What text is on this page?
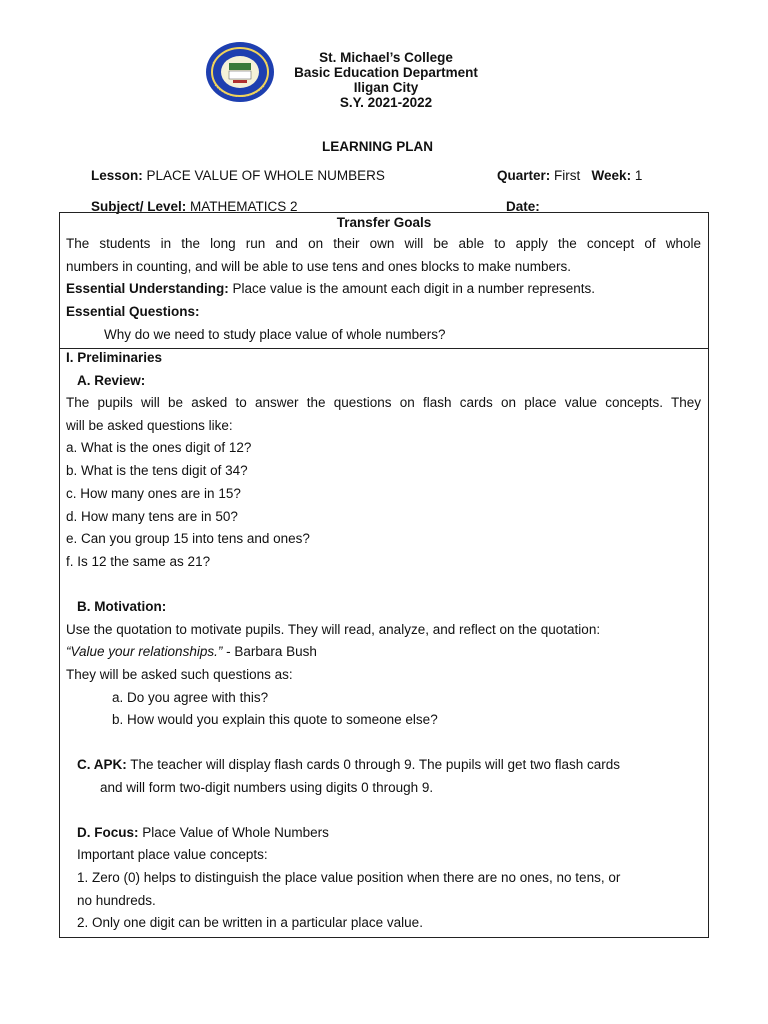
St. Michael’s College
Basic Education Department
Iligan City
S.Y. 2021-2022
LEARNING PLAN
Lesson: PLACE VALUE OF WHOLE NUMBERS	Quarter: First Week: 1
Subject/ Level: MATHEMATICS 2	Date:
Transfer Goals
The students in the long run and on their own will be able to apply the concept of whole
numbers in counting, and will be able to use tens and ones blocks to make numbers.
Essential Understanding: Place value is the amount each digit in a number represents.
Essential Questions:
Why do we need to study place value of whole numbers?
I. Preliminaries
A. Review:
The pupils will be asked to answer the questions on flash cards on place value concepts. They
will be asked questions like:
a. What is the ones digit of 12?
b. What is the tens digit of 34?
c. How many ones are in 15?
d. How many tens are in 50?
e. Can you group 15 into tens and ones?
f. Is 12 the same as 21?
B. Motivation:
Use the quotation to motivate pupils. They will read, analyze, and reflect on the quotation:
“Value your relationships.” - Barbara Bush
They will be asked such questions as:
a. Do you agree with this?
b. How would you explain this quote to someone else?
C. APK: The teacher will display flash cards 0 through 9. The pupils will get two flash cards
and will form two-digit numbers using digits 0 through 9.
D. Focus: Place Value of Whole Numbers
Important place value concepts:
1. Zero (0) helps to distinguish the place value position when there are no ones, no tens, or
no hundreds.
2. Only one digit can be written in a particular place value.
